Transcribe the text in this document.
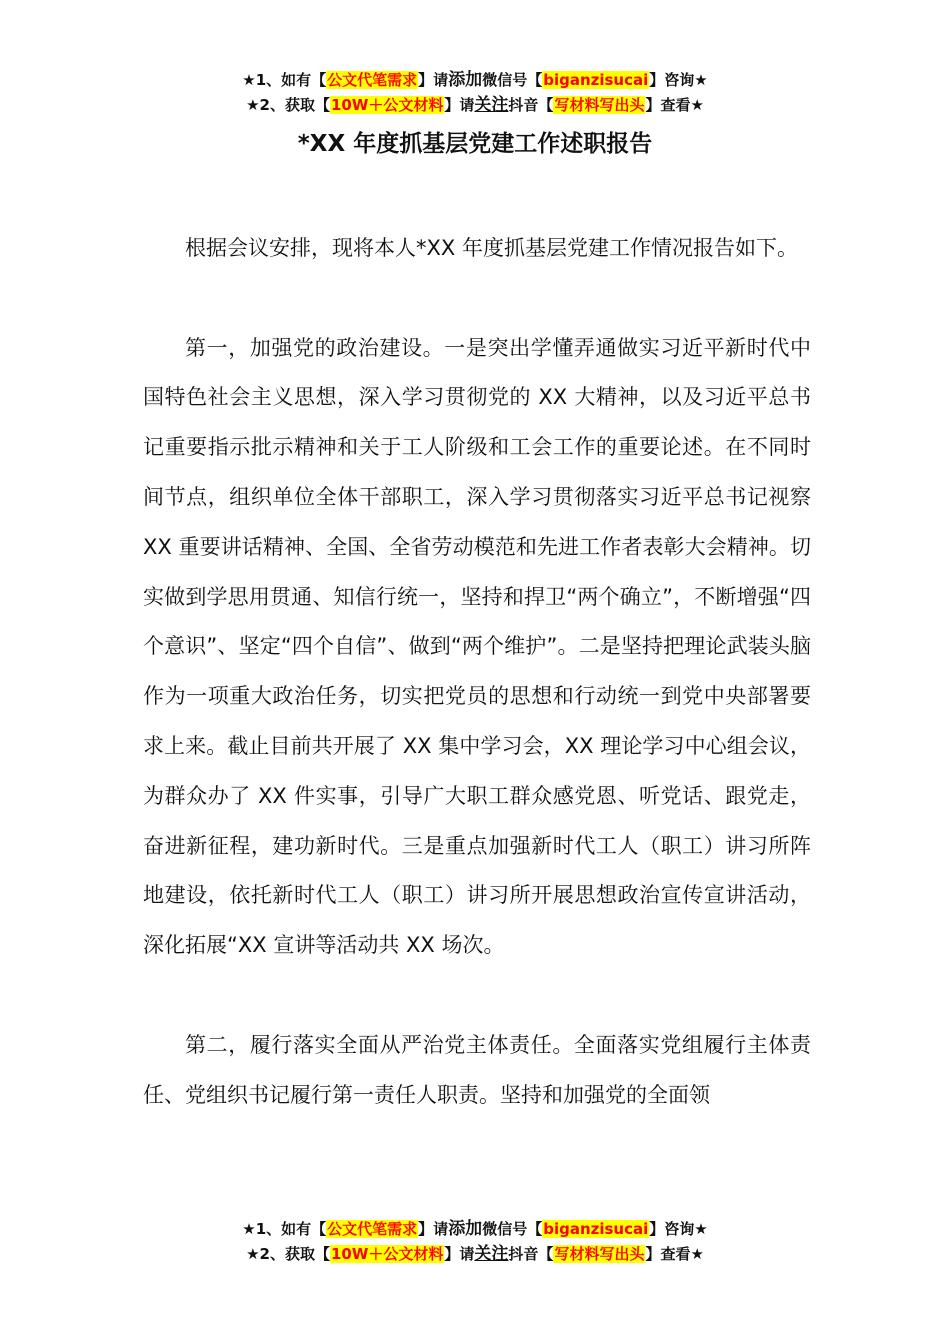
★1、如有【公文代笔需求】请添加微信号【biganzisucai】咨询★
★2、获取【10W＋公文材料】请关注抖音【写材料写出头】查看★
*XX 年度抓基层党建工作述职报告

根据会议安排，现将本人*XX 年度抓基层党建工作情况报告如下。

第一，加强党的政治建设。一是突出学懂弄通做实习近平新时代中国特色社会主义思想，深入学习贯彻党的 XX 大精神，以及习近平总书记重要指示批示精神和关于工人阶级和工会工作的重要论述。在不同时间节点，组织单位全体干部职工，深入学习贯彻落实习近平总书记视察 XX 重要讲话精神、全国、全省劳动模范和先进工作者表彰大会精神。切实做到学思用贯通、知信行统一，坚持和捍卫“两个确立”，不断增强“四个意识”、坚定“四个自信”、做到“两个维护”。二是坚持把理论武装头脑作为一项重大政治任务，切实把党员的思想和行动统一到党中央部署要求上来。截止目前共开展了 XX 集中学习会，XX 理论学习中心组会议，为群众办了 XX 件实事，引导广大职工群众感党恩、听党话、跟党走，奋进新征程，建功新时代。三是重点加强新时代工人（职工）讲习所阵地建设，依托新时代工人（职工）讲习所开展思想政治宣传宣讲活动，深化拓展“XX 宣讲等活动共 XX 场次。

第二，履行落实全面从严治党主体责任。全面落实党组履行主体责任、党组织书记履行第一责任人职责。坚持和加强党的全面领

★1、如有【公文代笔需求】请添加微信号【biganzisucai】咨询★
★2、获取【10W＋公文材料】请关注抖音【写材料写出头】查看★
